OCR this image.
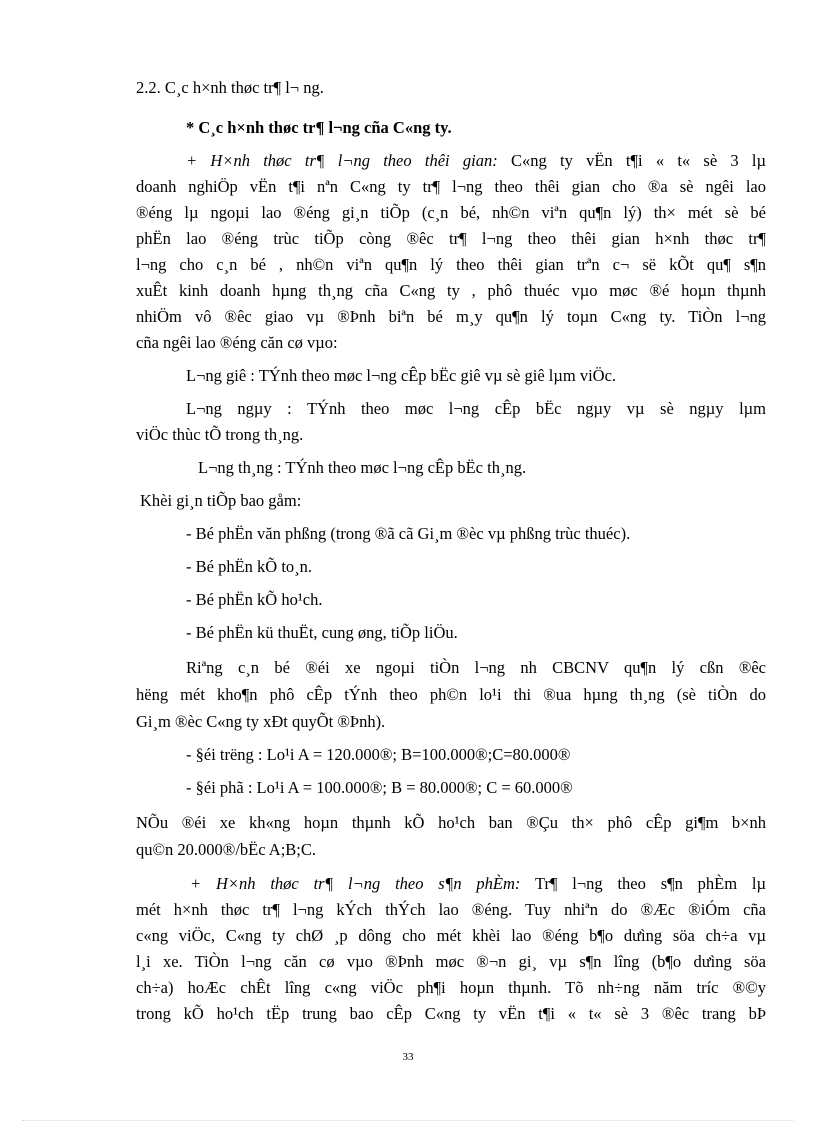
2.2. C¸c h×nh thøc tr¶ l¬ ng.
* C¸c h×nh thøc tr¶ l¬ng cña C«ng ty.
+ H×nh thøc tr¶ l¬ng theo thêi gian: C«ng ty vËn t¶i « t« sè 3 lµ
doanh nghiÖp vËn t¶i nªn C«ng ty tr¶ l¬ng theo thêi gian cho ®a sè ngêi lao
®éng lµ ngoµi lao ®éng gi¸n tiÕp (c¸n bé, nh©n viªn qu¶n lý) th× mét sè bé
phËn lao ®éng trùc tiÕp còng ®êc tr¶ l¬ng theo thêi gian h×nh thøc tr¶
l¬ng cho c¸n bé , nh©n viªn qu¶n lý theo thêi gian trªn c¬ së kÕt qu¶ s¶n
xuÊt kinh doanh hµng th¸ng cña C«ng ty , phô thuéc vµo møc ®é hoµn thµnh
nhiÖm vô ®êc giao vµ ®Þnh biªn bé m¸y qu¶n lý toµn C«ng ty. TiÒn l¬ng
cña ngêi lao ®éng căn cø vµo:
L¬ng giê : TÝnh theo møc l¬ng cÊp bËc giê vµ sè giê lµm viÖc.
L¬ng ngµy : TÝnh theo møc l¬ng cÊp bËc ngµy vµ sè ngµy lµm
viÖc thùc tÕ trong th¸ng.
L¬ng th¸ng : TÝnh theo møc l¬ng cÊp bËc th¸ng.
Khèi gi¸n tiÕp bao gåm:
- Bé phËn văn phßng (trong ®ã cã Gi¸m ®èc vµ phßng trùc thuéc).
- Bé phËn kÕ to¸n.
- Bé phËn kÕ ho¹ch.
- Bé phËn kü thuËt, cung øng, tiÕp liÖu.
Riªng c¸n bé ®éi xe ngoµi tiÒn l¬ng nh CBCNV qu¶n lý cßn ®êc
hëng mét kho¶n phô cÊp tÝnh theo ph©n lo¹i thi ®ua hµng th¸ng (sè tiÒn do
Gi¸m ®èc C«ng ty xÐt quyÕt ®Þnh).
- §éi trëng : Lo¹i A = 120.000®; B=100.000®;C=80.000®
- §éi phã : Lo¹i A = 100.000®; B = 80.000®; C = 60.000®
NÕu ®éi xe kh«ng hoµn thµnh kÕ ho¹ch ban ®Çu th× phô cÊp gi¶m b×nh
qu©n 20.000®/bËc A;B;C.
+ H×nh thøc tr¶ l¬ng theo s¶n phÈm: Tr¶ l¬ng theo s¶n phÈm lµ
mét h×nh thøc tr¶ l¬ng kÝch thÝch lao ®éng. Tuy nhiªn do ®Æc ®iÓm cña
c«ng viÖc, C«ng ty chØ ¸p dông cho mét khèi lao ®éng b¶o dưìng söa ch÷a vµ
l¸i xe. TiÒn l¬ng căn cø vµo ®Þnh møc ®¬n gi¸ vµ s¶n lîng (b¶o dưìng söa
ch÷a) hoÆc chÊt lîng c«ng viÖc ph¶i hoµn thµnh. Tõ nh÷ng năm tríc ®©y
trong kÕ ho¹ch tËp trung bao cÊp C«ng ty vËn t¶i « t« sè 3 ®êc trang bÞ
33
